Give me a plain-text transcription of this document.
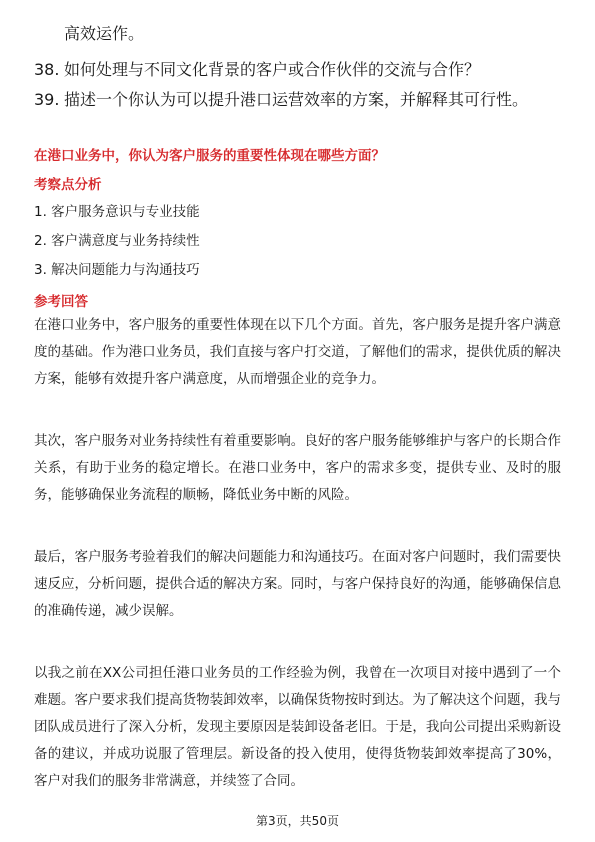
高效运作。
38. 如何处理与不同文化背景的客户或合作伙伴的交流与合作？
39. 描述一个你认为可以提升港口运营效率的方案，并解释其可行性。
在港口业务中，你认为客户服务的重要性体现在哪些方面？
考察点分析
1. 客户服务意识与专业技能
2. 客户满意度与业务持续性
3. 解决问题能力与沟通技巧
参考回答
在港口业务中，客户服务的重要性体现在以下几个方面。首先，客户服务是提升客户满意度的基础。作为港口业务员，我们直接与客户打交道，了解他们的需求，提供优质的解决方案，能够有效提升客户满意度，从而增强企业的竞争力。
其次，客户服务对业务持续性有着重要影响。良好的客户服务能够维护与客户的长期合作关系，有助于业务的稳定增长。在港口业务中，客户的需求多变，提供专业、及时的服务，能够确保业务流程的顺畅，降低业务中断的风险。
最后，客户服务考验着我们的解决问题能力和沟通技巧。在面对客户问题时，我们需要快速反应，分析问题，提供合适的解决方案。同时，与客户保持良好的沟通，能够确保信息的准确传递，减少误解。
以我之前在XX公司担任港口业务员的工作经验为例，我曾在一次项目对接中遇到了一个难题。客户要求我们提高货物装卸效率，以确保货物按时到达。为了解决这个问题，我与团队成员进行了深入分析，发现主要原因是装卸设备老旧。于是，我向公司提出采购新设备的建议，并成功说服了管理层。新设备的投入使用，使得货物装卸效率提高了30%，客户对我们的服务非常满意，并续签了合同。
第3页，共50页
